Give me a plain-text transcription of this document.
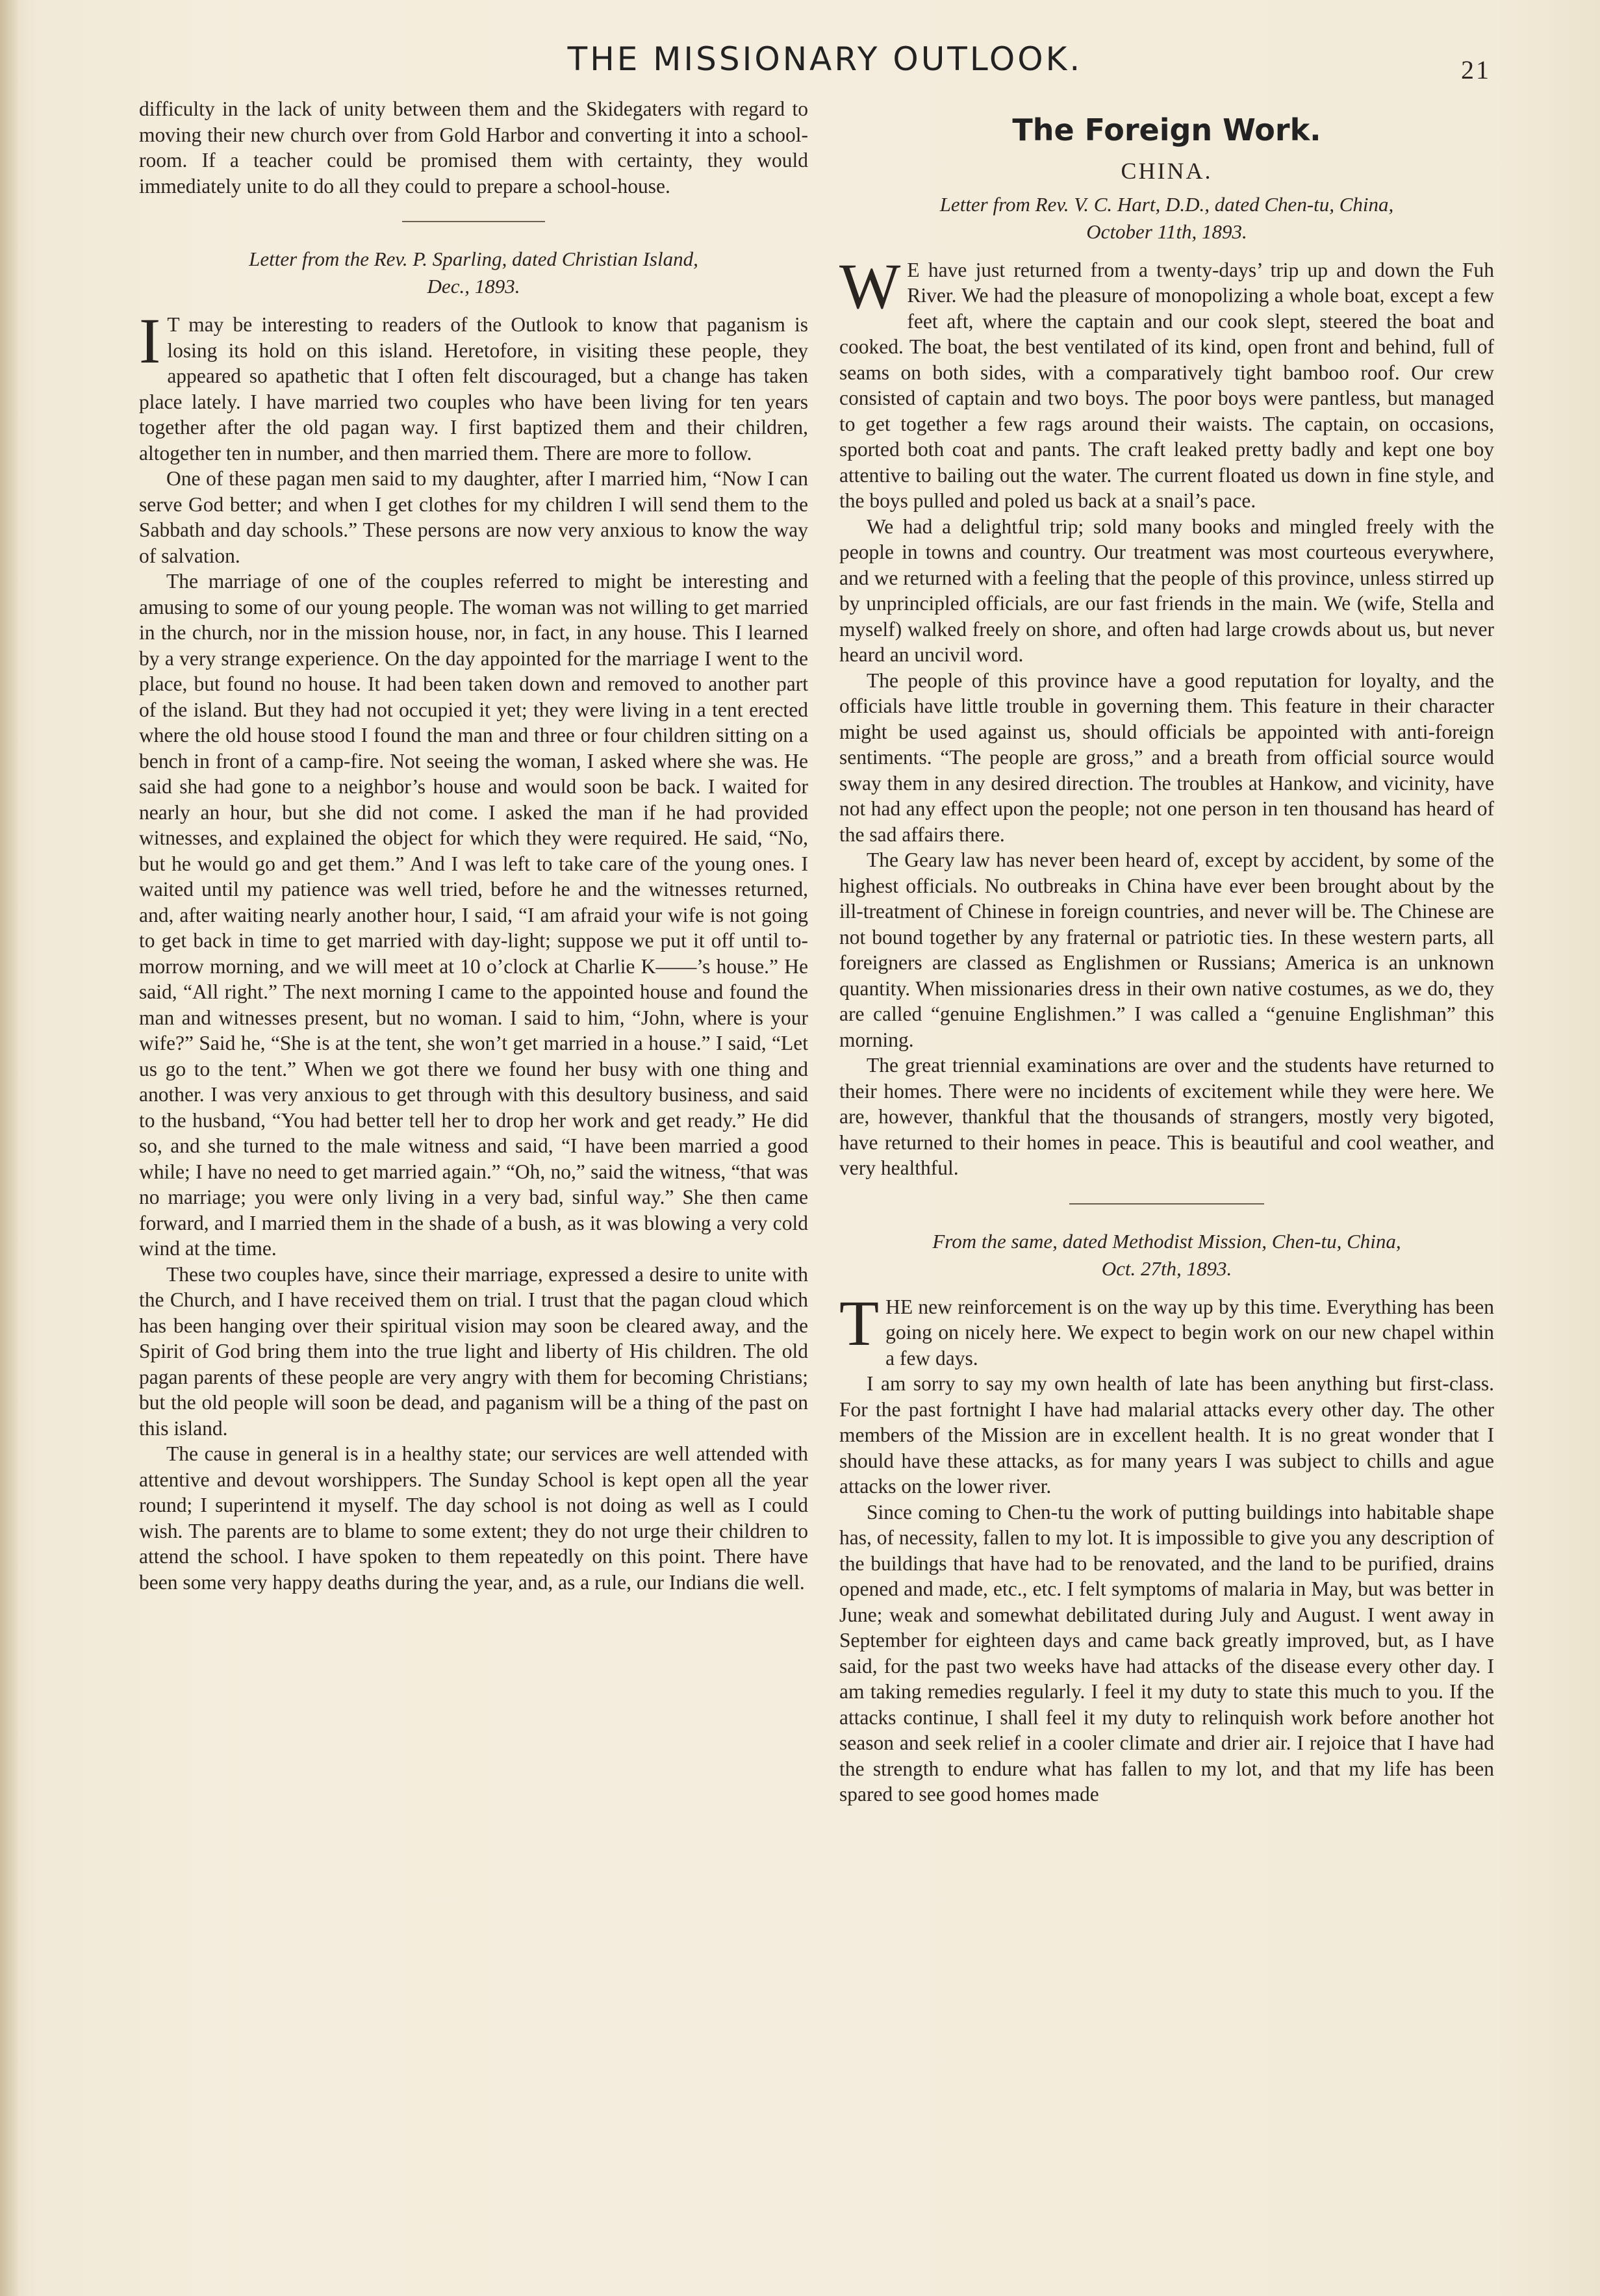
THE MISSIONARY OUTLOOK.	21

difficulty in the lack of unity between them and the Skidegaters with regard to moving their new church over from Gold Harbor and converting it into a school-room. If a teacher could be promised them with certainty, they would immediately unite to do all they could to prepare a school-house.

Letter from the Rev. P. Sparling, dated Christian Island,
Dec., 1893.

I T may be interesting to readers of the Outlook to know that paganism is losing its hold on this island. Heretofore, in visiting these people, they appeared so apathetic that I often felt discouraged, but a change has taken place lately. I have married two couples who have been living for ten years together after the old pagan way. I first baptized them and their children, altogether ten in number, and then married them. There are more to follow.

One of these pagan men said to my daughter, after I married him, “Now I can serve God better; and when I get clothes for my children I will send them to the Sabbath and day schools.” These persons are now very anxious to know the way of salvation.

The marriage of one of the couples referred to might be interesting and amusing to some of our young people. The woman was not willing to get married in the church, nor in the mission house, nor, in fact, in any house. This I learned by a very strange experience. On the day appointed for the marriage I went to the place, but found no house. It had been taken down and removed to another part of the island. But they had not occupied it yet; they were living in a tent erected where the old house stood I found the man and three or four children sitting on a bench in front of a camp-fire. Not seeing the woman, I asked where she was. He said she had gone to a neighbor’s house and would soon be back. I waited for nearly an hour, but she did not come. I asked the man if he had provided witnesses, and explained the object for which they were required. He said, “No, but he would go and get them.” And I was left to take care of the young ones. I waited until my patience was well tried, before he and the witnesses returned, and, after waiting nearly another hour, I said, “I am afraid your wife is not going to get back in time to get married with day-light; suppose we put it off until to-morrow morning, and we will meet at 10 o’clock at Charlie K——’s house.” He said, “All right.” The next morning I came to the appointed house and found the man and witnesses present, but no woman. I said to him, “John, where is your wife?” Said he, “She is at the tent, she won’t get married in a house.” I said, “Let us go to the tent.” When we got there we found her busy with one thing and another. I was very anxious to get through with this desultory business, and said to the husband, “You had better tell her to drop her work and get ready.” He did so, and she turned to the male witness and said, “I have been married a good while; I have no need to get married again.” “Oh, no,” said the witness, “that was no marriage; you were only living in a very bad, sinful way.” She then came forward, and I married them in the shade of a bush, as it was blowing a very cold wind at the time.

These two couples have, since their marriage, expressed a desire to unite with the Church, and I have received them on trial. I trust that the pagan cloud which has been hanging over their spiritual vision may soon be cleared away, and the Spirit of God bring them into the true light and liberty of His children. The old pagan parents of these people are very angry with them for becoming Christians; but the old people will soon be dead, and paganism will be a thing of the past on this island.

The cause in general is in a healthy state; our services are well attended with attentive and devout worshippers. The Sunday School is kept open all the year round; I superintend it myself. The day school is not doing as well as I could wish. The parents are to blame to some extent; they do not urge their children to attend the school. I have spoken to them repeatedly on this point. There have been some very happy deaths during the year, and, as a rule, our Indians die well.

The Foreign Work.
CHINA.
Letter from Rev. V. C. Hart, D.D., dated Chen-tu, China,
October 11th, 1893.

W E have just returned from a twenty-days’ trip up and down the Fuh River. We had the pleasure of monopolizing a whole boat, except a few feet aft, where the captain and our cook slept, steered the boat and cooked. The boat, the best ventilated of its kind, open front and behind, full of seams on both sides, with a comparatively tight bamboo roof. Our crew consisted of captain and two boys. The poor boys were pantless, but managed to get together a few rags around their waists. The captain, on occasions, sported both coat and pants. The craft leaked pretty badly and kept one boy attentive to bailing out the water. The current floated us down in fine style, and the boys pulled and poled us back at a snail’s pace.

We had a delightful trip; sold many books and mingled freely with the people in towns and country. Our treatment was most courteous everywhere, and we returned with a feeling that the people of this province, unless stirred up by unprincipled officials, are our fast friends in the main. We (wife, Stella and myself) walked freely on shore, and often had large crowds about us, but never heard an uncivil word.

The people of this province have a good reputation for loyalty, and the officials have little trouble in governing them. This feature in their character might be used against us, should officials be appointed with anti-foreign sentiments. “The people are gross,” and a breath from official source would sway them in any desired direction. The troubles at Hankow, and vicinity, have not had any effect upon the people; not one person in ten thousand has heard of the sad affairs there.

The Geary law has never been heard of, except by accident, by some of the highest officials. No outbreaks in China have ever been brought about by the ill-treatment of Chinese in foreign countries, and never will be. The Chinese are not bound together by any fraternal or patriotic ties. In these western parts, all foreigners are classed as Englishmen or Russians; America is an unknown quantity. When missionaries dress in their own native costumes, as we do, they are called “genuine Englishmen.” I was called a “genuine Englishman” this morning.

The great triennial examinations are over and the students have returned to their homes. There were no incidents of excitement while they were here. We are, however, thankful that the thousands of strangers, mostly very bigoted, have returned to their homes in peace. This is beautiful and cool weather, and very healthful.

From the same, dated Methodist Mission, Chen-tu, China,
Oct. 27th, 1893.

THE new reinforcement is on the way up by this time. Everything has been going on nicely here. We expect to begin work on our new chapel within a few days.

I am sorry to say my own health of late has been anything but first-class. For the past fortnight I have had malarial attacks every other day. The other members of the Mission are in excellent health. It is no great wonder that I should have these attacks, as for many years I was subject to chills and ague attacks on the lower river.

Since coming to Chen-tu the work of putting buildings into habitable shape has, of necessity, fallen to my lot. It is impossible to give you any description of the buildings that have had to be renovated, and the land to be purified, drains opened and made, etc., etc. I felt symptoms of malaria in May, but was better in June; weak and somewhat debilitated during July and August. I went away in September for eighteen days and came back greatly improved, but, as I have said, for the past two weeks have had attacks of the disease every other day. I am taking remedies regularly. I feel it my duty to state this much to you. If the attacks continue, I shall feel it my duty to relinquish work before another hot season and seek relief in a cooler climate and drier air. I rejoice that I have had the strength to endure what has fallen to my lot, and that my life has been spared to see good homes made
